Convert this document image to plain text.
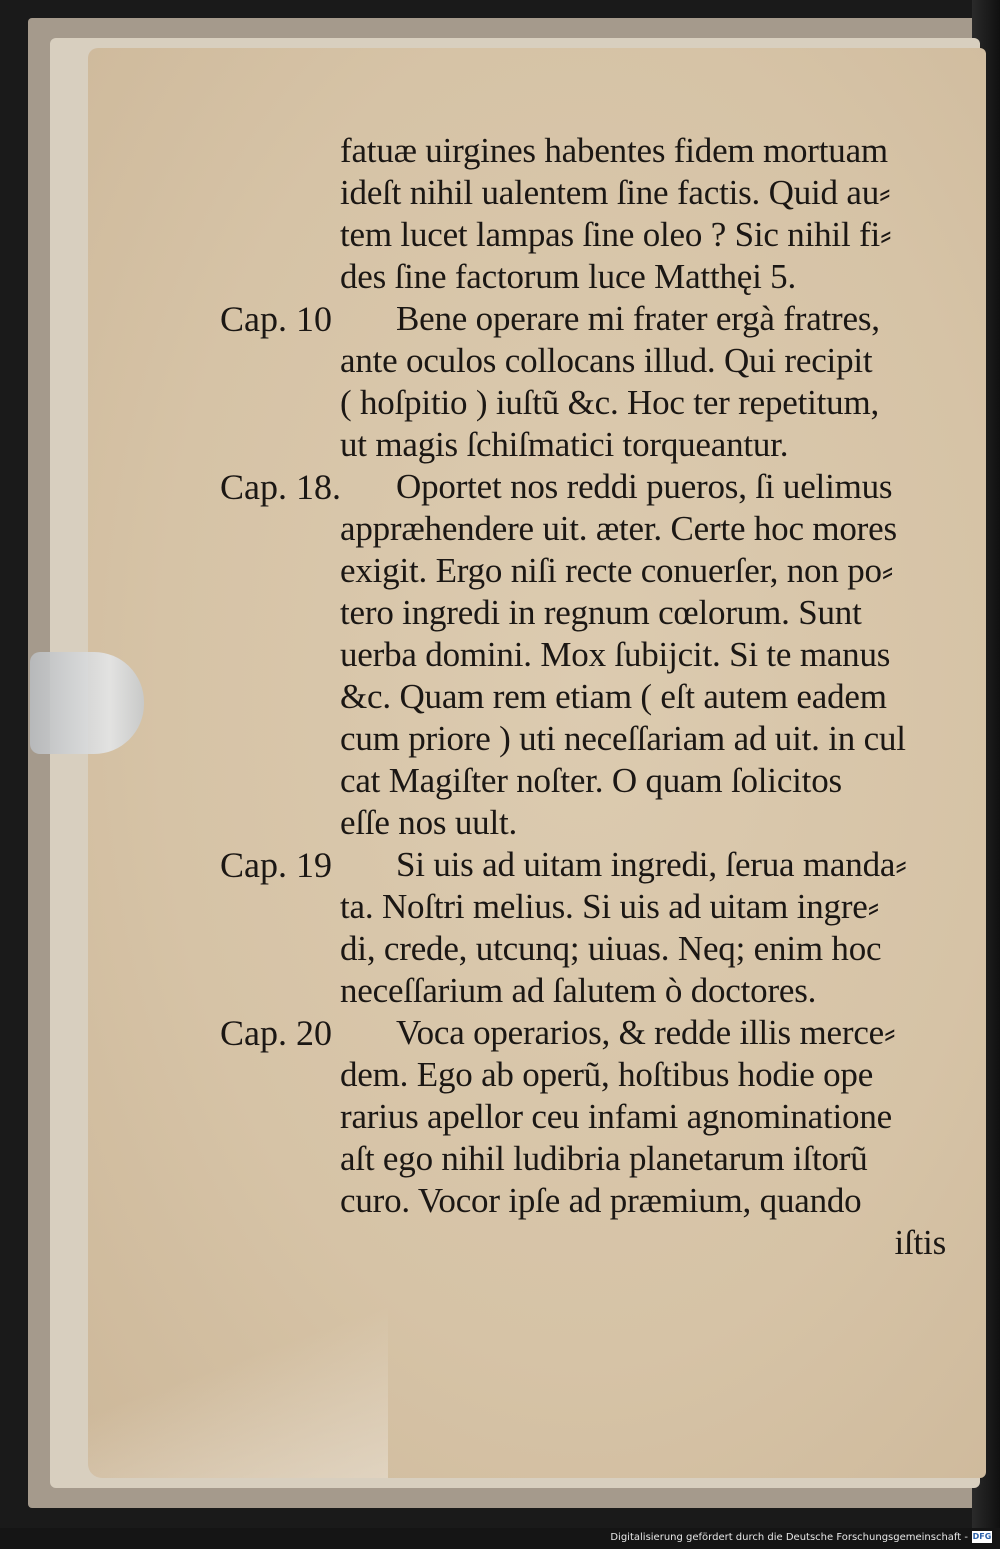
fatuæ uirgines habentes fidem mortuam
ideſt nihil ualentem ſine factis. Quid au⸗
tem lucet lampas ſine oleo ? Sic nihil fi⸗
des ſine factorum luce Matthęi 5.
Cap. 10	Bene operare mi frater ergà fratres,
ante oculos collocans illud. Qui recipit
( hoſpitio ) iuſtũ &c. Hoc ter repetitum,
ut magis ſchiſmatici torqueantur.
Cap. 18.	Oportet nos reddi pueros, ſi uelimus
appræhendere uit. æter. Certe hoc mores
exigit. Ergo niſi recte conuerſer, non po⸗
tero ingredi in regnum cœlorum. Sunt
uerba domini. Mox ſubijcit. Si te manus
&c. Quam rem etiam ( eſt autem eadem
cum priore ) uti neceſſariam ad uit. in cul
cat Magiſter noſter. O quam ſolicitos
eſſe nos uult.
Cap. 19	Si uis ad uitam ingredi, ſerua manda⸗
ta. Noſtri melius. Si uis ad uitam ingre⸗
di, crede, utcunq; uiuas. Neq; enim hoc
neceſſarium ad ſalutem ò doctores.
Cap. 20	Voca operarios, & redde illis merce⸗
dem. Ego ab operũ, hoſtibus hodie ope
rarius apellor ceu infami agnominatione
aſt ego nihil ludibria planetarum iſtorũ
curo. Vocor ipſe ad præmium, quando
iſtis
Digitalisierung gefördert durch die Deutsche Forschungsgemeinschaft - DFG
